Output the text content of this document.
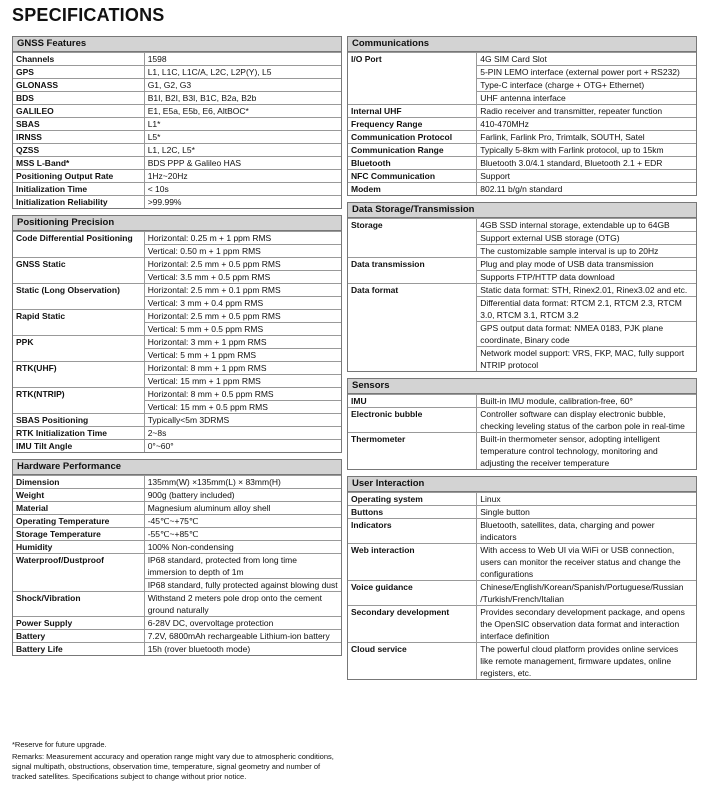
SPECIFICATIONS
GNSS Features
Channels	1598

GPS	L1, L1C, L1C/A, L2C, L2P(Y), L5

GLONASS	G1, G2, G3

BDS	B1I, B2I, B3I, B1C, B2a, B2b

GALILEO	E1, E5a, E5b, E6, AltBOC*

SBAS	L1*

IRNSS	L5*

QZSS	L1, L2C, L5*

MSS L-Band*	BDS PPP & Galileo HAS

Positioning Output Rate	1Hz~20Hz

Initialization Time	< 10s

Initialization Reliability	>99.99%
Positioning Precision
Code Differential Positioning	Horizontal: 0.25 m + 1 ppm RMS
Vertical: 0.50 m + 1 ppm RMS

GNSS Static	Horizontal: 2.5 mm + 0.5 ppm RMS
Vertical: 3.5 mm + 0.5 ppm RMS

Static (Long Observation)	Horizontal: 2.5 mm + 0.1 ppm RMS
Vertical: 3 mm + 0.4 ppm RMS

Rapid Static	Horizontal: 2.5 mm + 0.5 ppm RMS
Vertical: 5 mm + 0.5 ppm RMS

PPK	Horizontal: 3 mm + 1 ppm RMS
Vertical: 5 mm + 1 ppm RMS

RTK(UHF)	Horizontal: 8 mm + 1 ppm RMS
Vertical: 15 mm + 1 ppm RMS

RTK(NTRIP)	Horizontal: 8 mm + 0.5 ppm RMS
Vertical: 15 mm + 0.5 ppm RMS

SBAS Positioning	Typically<5m 3DRMS

RTK Initialization Time	2~8s

IMU Tilt Angle	0°~60°
Hardware Performance
Dimension	135mm(W) ×135mm(L) × 83mm(H)

Weight	900g (battery included)

Material	Magnesium aluminum alloy shell

Operating Temperature	-45℃~+75℃

Storage Temperature	-55℃~+85℃

Humidity	100% Non-condensing

Waterproof/Dustproof	IP68 standard, protected from long time immersion to depth of 1m
IP68 standard, fully protected against blowing dust

Shock/Vibration	Withstand 2 meters pole drop onto the cement ground naturally

Power Supply	6-28V DC, overvoltage protection

Battery	7.2V, 6800mAh rechargeable Lithium-ion battery

Battery Life	15h (rover bluetooth mode)
Communications
I/O Port	4G SIM Card Slot
5-PIN LEMO interface (external power port + RS232)
Type-C interface (charge + OTG+ Ethernet)
UHF antenna interface

Internal UHF	Radio receiver and transmitter, repeater function

Frequency Range	410-470MHz

Communication Protocol	Farlink, Farlink Pro, Trimtalk, SOUTH, Satel

Communication Range	Typically 5-8km with Farlink protocol, up to 15km

Bluetooth	Bluetooth 3.0/4.1 standard, Bluetooth 2.1 + EDR

NFC Communication	Support

Modem	802.11 b/g/n standard
Data Storage/Transmission
Storage	4GB SSD internal storage, extendable up to 64GB
Support external USB storage (OTG)
The customizable sample interval is up to 20Hz

Data transmission	Plug and play mode of USB data transmission
Supports FTP/HTTP data download

Data format	Static data format: STH, Rinex2.01, Rinex3.02 and etc.
Differential data format: RTCM 2.1, RTCM 2.3, RTCM 3.0, RTCM 3.1, RTCM 3.2
GPS output data format: NMEA 0183, PJK plane coordinate, Binary code
Network model support: VRS, FKP, MAC, fully support NTRIP protocol
Sensors
IMU	Built-in IMU module, calibration-free, 60°

Electronic bubble	Controller software can display electronic bubble, checking leveling status of the carbon pole in real-time

Thermometer	Built-in thermometer sensor, adopting intelligent temperature control technology, monitoring and adjusting the receiver temperature
User Interaction
Operating system	Linux

Buttons	Single button

Indicators	Bluetooth, satellites, data, charging and power indicators

Web interaction	With access to Web UI via WiFi or USB connection, users can monitor the receiver status and change the configurations

Voice guidance	Chinese/English/Korean/Spanish/Portuguese/Russian /Turkish/French/Italian

Secondary development	Provides secondary development package, and opens the OpenSIC observation data format and interaction interface definition

Cloud service	The powerful cloud platform provides online services like remote management, firmware updates, online registers, etc.

*Reserve for future upgrade.

Remarks: Measurement accuracy and operation range might vary due to atmospheric conditions, signal multipath, obstructions, observation time, temperature, signal geometry and number of tracked satellites. Specifications subject to change without prior notice.
